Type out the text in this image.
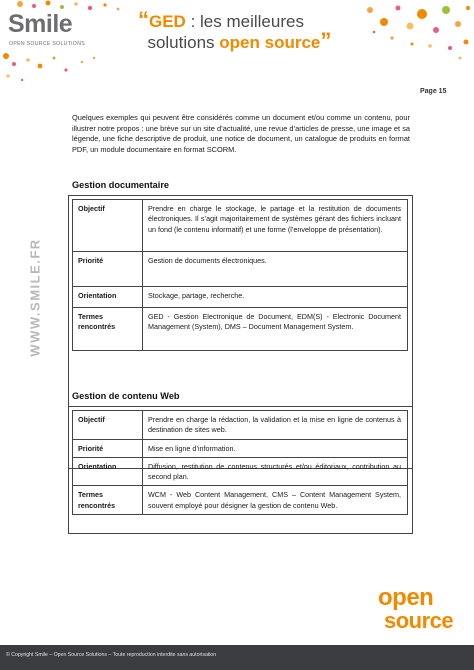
Smile
OPEN SOURCE SOLUTIONS
“GED : les meilleures
solutions open source”
Page 15
WWW.SMILE.FR
Quelques exemples qui peuvent être considérés comme un document et/ou comme un contenu, pour illustrer notre propos : une brève sur un site d’actualité, une revue d’articles de presse, une image et sa légende, une fiche descriptive de produit, une notice de document, un catalogue de produits en format PDF, un module documentaire en format SCORM.
Gestion documentaire
Objectif	Prendre en charge le stockage, le partage et la restitution de documents électroniques. Il s’agit majoritairement de systèmes gérant des fichiers incluant un fond (le contenu informatif) et une forme (l’enveloppe de présentation).
Priorité	Gestion de documents électroniques.
Orientation	Stockage, partage, recherche.
Termes rencontrés	GED - Gestion Electronique de Document, EDM(S) - Electronic Document Management (System), DMS – Document Management System.
Gestion de contenu Web
Objectif	Prendre en charge la rédaction, la validation et la mise en ligne de contenus à destination de sites web.
Priorité	Mise en ligne d’information.
Orientation	Diffusion, restitution de contenus structurés et/ou éditoriaux, contribution au second plan.
Termes rencontrés	WCM - Web Content Management, CMS – Content Management System, souvent employé pour désigner la gestion de contenu Web.
open
source
© Copyright Smile – Open Source Solutions – Toute reproduction interdite sans autorisation
